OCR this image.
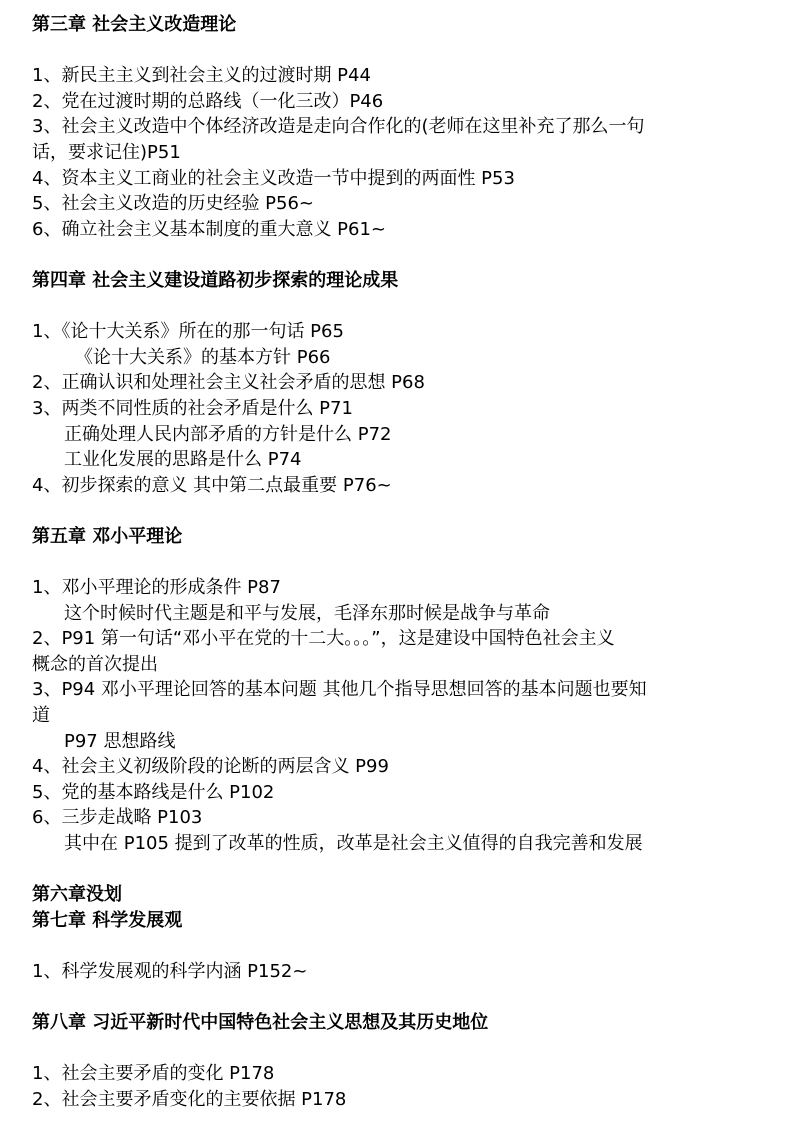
第三章 社会主义改造理论
1、新民主主义到社会主义的过渡时期 P44
2、党在过渡时期的总路线（一化三改）P46
3、社会主义改造中个体经济改造是走向合作化的(老师在这里补充了那么一句
话，要求记住)P51
4、资本主义工商业的社会主义改造一节中提到的两面性 P53
5、社会主义改造的历史经验 P56~
6、确立社会主义基本制度的重大意义 P61~
第四章 社会主义建设道路初步探索的理论成果
1、《论十大关系》所在的那一句话 P65
《论十大关系》的基本方针 P66
2、正确认识和处理社会主义社会矛盾的思想 P68
3、两类不同性质的社会矛盾是什么 P71
正确处理人民内部矛盾的方针是什么 P72
工业化发展的思路是什么 P74
4、初步探索的意义 其中第二点最重要 P76~
第五章 邓小平理论
1、邓小平理论的形成条件 P87
这个时候时代主题是和平与发展，毛泽东那时候是战争与革命
2、P91 第一句话“邓小平在党的十二大。。。”，这是建设中国特色社会主义
概念的首次提出
3、P94 邓小平理论回答的基本问题 其他几个指导思想回答的基本问题也要知
道
P97 思想路线
4、社会主义初级阶段的论断的两层含义 P99
5、党的基本路线是什么 P102
6、三步走战略 P103
其中在 P105 提到了改革的性质，改革是社会主义值得的自我完善和发展
第六章没划
第七章 科学发展观
1、科学发展观的科学内涵 P152~
第八章 习近平新时代中国特色社会主义思想及其历史地位
1、社会主要矛盾的变化 P178
2、社会主要矛盾变化的主要依据 P178
